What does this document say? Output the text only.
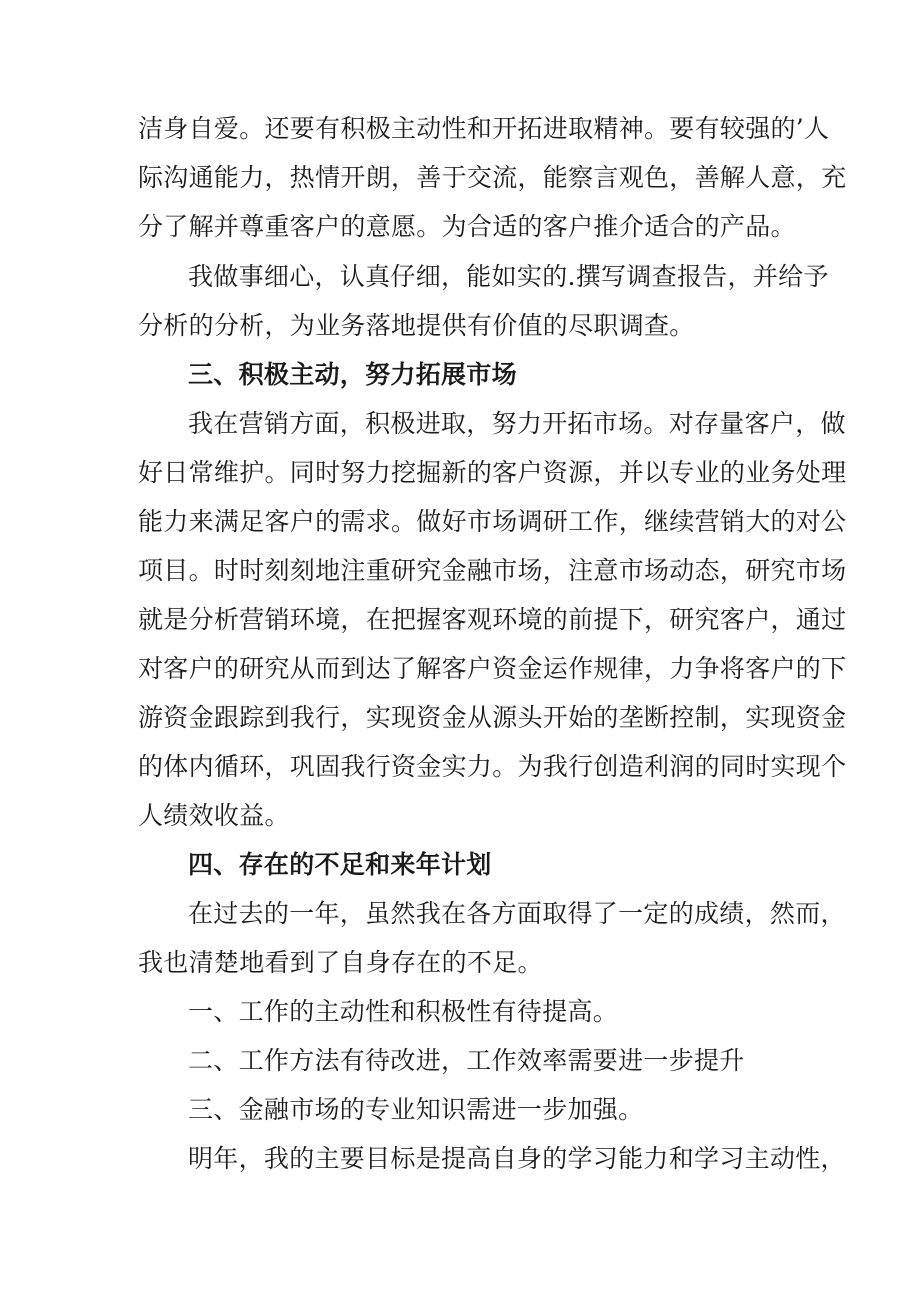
洁身自爱。还要有积极主动性和开拓进取精神。要有较强的’人
际沟通能力，热情开朗，善于交流，能察言观色，善解人意，充
分了解并尊重客户的意愿。为合适的客户推介适合的产品。
我做事细心，认真仔细，能如实的.撰写调查报告，并给予
分析的分析，为业务落地提供有价值的尽职调查。
三、积极主动，努力拓展市场
我在营销方面，积极进取，努力开拓市场。对存量客户，做
好日常维护。同时努力挖掘新的客户资源，并以专业的业务处理
能力来满足客户的需求。做好市场调研工作，继续营销大的对公
项目。时时刻刻地注重研究金融市场，注意市场动态，研究市场
就是分析营销环境，在把握客观环境的前提下，研究客户，通过
对客户的研究从而到达了解客户资金运作规律，力争将客户的下
游资金跟踪到我行，实现资金从源头开始的垄断控制，实现资金
的体内循环，巩固我行资金实力。为我行创造利润的同时实现个
人绩效收益。
四、存在的不足和来年计划
在过去的一年，虽然我在各方面取得了一定的成绩，然而，
我也清楚地看到了自身存在的不足。
一、工作的主动性和积极性有待提高。
二、工作方法有待改进，工作效率需要进一步提升
三、金融市场的专业知识需进一步加强。
明年，我的主要目标是提高自身的学习能力和学习主动性，
